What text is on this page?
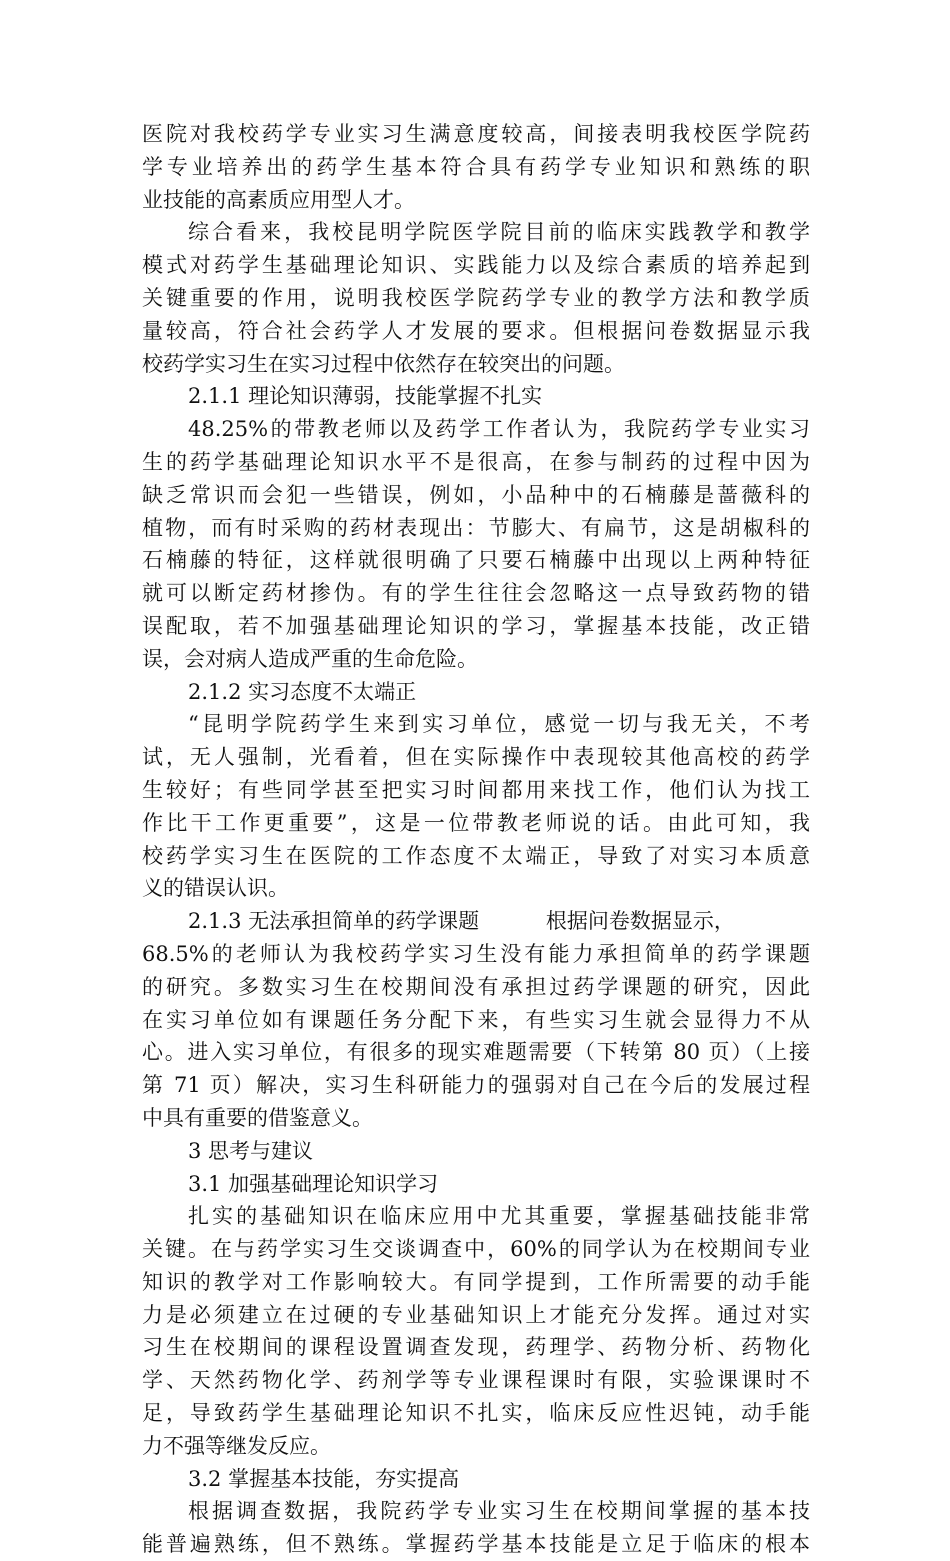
医院对我校药学专业实习生满意度较高，间接表明我校医学院药
学专业培养出的药学生基本符合具有药学专业知识和熟练的职
业技能的高素质应用型人才。
综合看来，我校昆明学院医学院目前的临床实践教学和教学
模式对药学生基础理论知识、实践能力以及综合素质的培养起到
关键重要的作用，说明我校医学院药学专业的教学方法和教学质
量较高，符合社会药学人才发展的要求。但根据问卷数据显示我
校药学实习生在实习过程中依然存在较突出的问题。
2.1.1 理论知识薄弱，技能掌握不扎实
48.25%的带教老师以及药学工作者认为，我院药学专业实习
生的药学基础理论知识水平不是很高，在参与制药的过程中因为
缺乏常识而会犯一些错误，例如，小品种中的石楠藤是蔷薇科的
植物，而有时采购的药材表现出：节膨大、有扁节，这是胡椒科的
石楠藤的特征，这样就很明确了只要石楠藤中出现以上两种特征
就可以断定药材掺伪。有的学生往往会忽略这一点导致药物的错
误配取，若不加强基础理论知识的学习，掌握基本技能，改正错
误，会对病人造成严重的生命危险。
2.1.2 实习态度不太端正
“昆明学院药学生来到实习单位，感觉一切与我无关，不考
试，无人强制，光看着，但在实际操作中表现较其他高校的药学
生较好；有些同学甚至把实习时间都用来找工作，他们认为找工
作比干工作更重要”，这是一位带教老师说的话。由此可知，我
校药学实习生在医院的工作态度不太端正，导致了对实习本质意
义的错误认识。
2.1.3 无法承担简单的药学课题          根据问卷数据显示，
68.5%的老师认为我校药学实习生没有能力承担简单的药学课题
的研究。多数实习生在校期间没有承担过药学课题的研究，因此
在实习单位如有课题任务分配下来，有些实习生就会显得力不从
心。进入实习单位，有很多的现实难题需要（下转第 80 页）（上接
第 71 页）解决，实习生科研能力的强弱对自己在今后的发展过程
中具有重要的借鉴意义。
3 思考与建议
3.1 加强基础理论知识学习
扎实的基础知识在临床应用中尤其重要，掌握基础技能非常
关键。在与药学实习生交谈调查中，60%的同学认为在校期间专业
知识的教学对工作影响较大。有同学提到，工作所需要的动手能
力是必须建立在过硬的专业基础知识上才能充分发挥。通过对实
习生在校期间的课程设置调查发现，药理学、药物分析、药物化
学、天然药物化学、药剂学等专业课程课时有限，实验课课时不
足，导致药学生基础理论知识不扎实，临床反应性迟钝，动手能
力不强等继发反应。
3.2 掌握基本技能，夯实提高
根据调查数据，我院药学专业实习生在校期间掌握的基本技
能普遍熟练，但不熟练。掌握药学基本技能是立足于临床的根本
